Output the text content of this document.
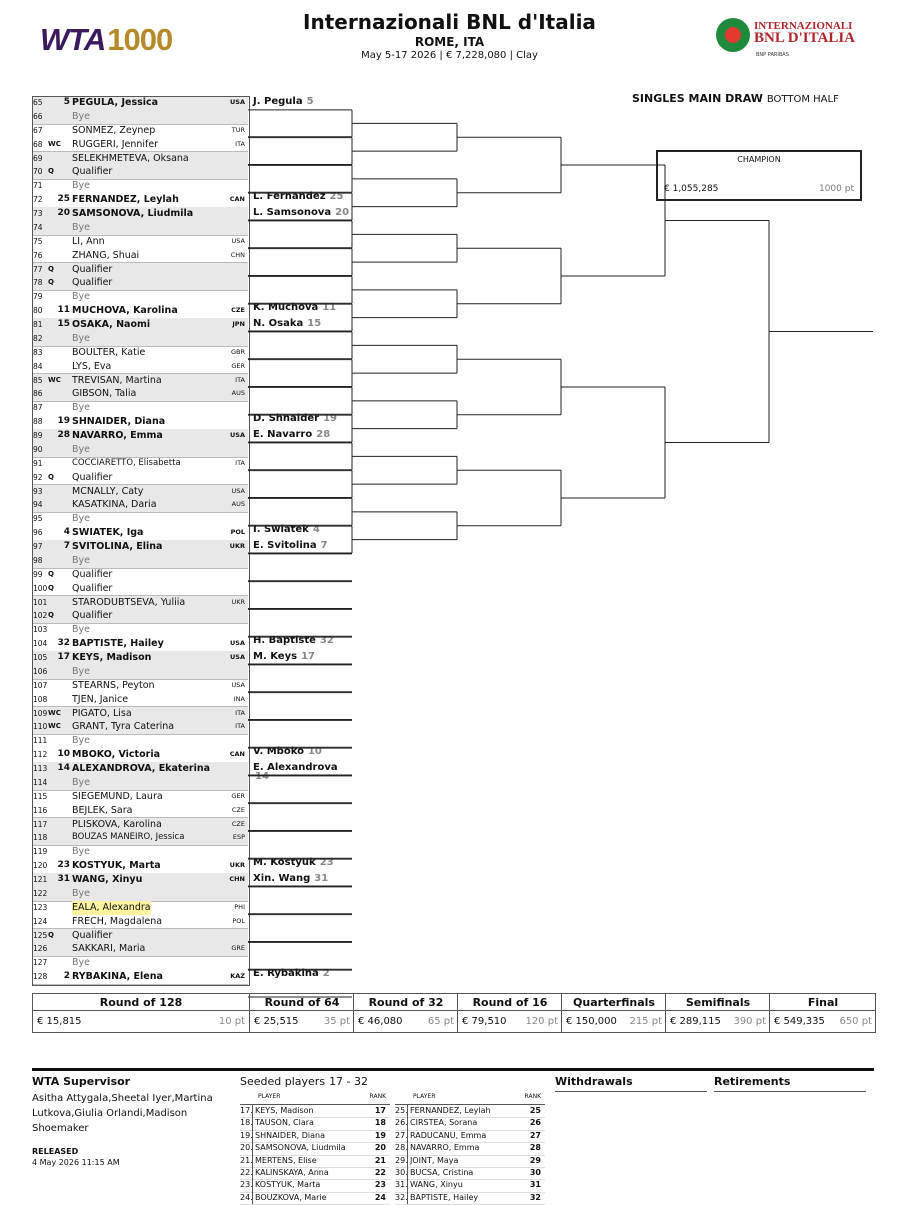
WTA1000	Internazionali BNL d'Italia
ROME, ITA
May 5-17 2026 | € 7,228,080 | Clay
INTERNAZIONALI
BNL D'ITALIA
BNP PARIBAS
SINGLES MAIN DRAW BOTTOM HALF
CHAMPION
€ 1,055,285	1000 pt
65	5 PEGULA, Jessica	USA
66	Bye
67	SONMEZ, Zeynep	TUR
68 WC	RUGGERI, Jennifer	ITA
69	SELEKHMETEVA, Oksana
70 Q	Qualifier
71	Bye
72	25 FERNANDEZ, Leylah	CAN
73	20 SAMSONOVA, Liudmila
74	Bye
75	LI, Ann	USA
76	ZHANG, Shuai	CHN
77 Q	Qualifier
78 Q	Qualifier
79	Bye
80	11 MUCHOVA, Karolina	CZE
81	15 OSAKA, Naomi	JPN
82	Bye
83	BOULTER, Katie	GBR
84	LYS, Eva	GER
85 WC	TREVISAN, Martina	ITA
86	GIBSON, Talia	AUS
87	Bye
88	19 SHNAIDER, Diana
89	28 NAVARRO, Emma	USA
90	Bye
91	COCCIARETTO, Elisabetta	ITA
92 Q	Qualifier
93	MCNALLY, Caty	USA
94	KASATKINA, Daria	AUS
95	Bye
96	4 SWIATEK, Iga	POL
97	7 SVITOLINA, Elina	UKR
98	Bye
99 Q	Qualifier
100 Q	Qualifier
101	STARODUBTSEVA, Yuliia	UKR
102 Q	Qualifier
103	Bye
104	32 BAPTISTE, Hailey	USA
105	17 KEYS, Madison	USA
106	Bye
107	STEARNS, Peyton	USA
108	TJEN, Janice	INA
109 WC	PIGATO, Lisa	ITA
110 WC	GRANT, Tyra Caterina	ITA
111	Bye
112	10 MBOKO, Victoria	CAN
113	14 ALEXANDROVA, Ekaterina
114	Bye
115	SIEGEMUND, Laura	GER
116	BEJLEK, Sara	CZE
117	PLISKOVA, Karolina	CZE
118	BOUZAS MANEIRO, Jessica	ESP
119	Bye
120	23 KOSTYUK, Marta	UKR
121	31 WANG, Xinyu	CHN
122	Bye
123	EALA, Alexandra	PHI
124	FRECH, Magdalena	POL
125 Q	Qualifier
126	SAKKARI, Maria	GRE
127	Bye
128	2 RYBAKINA, Elena	KAZ
J. Pegula 5
L. Fernandez 25
L. Samsonova 20
K. Muchova 11
N. Osaka 15
D. Shnaider 19
E. Navarro 28
I. Swiatek 4
E. Svitolina 7
H. Baptiste 32
M. Keys 17
V. Mboko 10
E. Alexandrova
14
M. Kostyuk 23
Xin. Wang 31
E. Rybakina 2
Round of 128
€ 15,815	10 pt
Round of 64
€ 25,515	35 pt
Round of 32
€ 46,080	65 pt
Round of 16
€ 79,510 120 pt
Quarterfinals
€ 150,000 215 pt
Semifinals
€ 289,115 390 pt
Final
€ 549,335 650 pt
WTA Supervisor
Asitha Attygala,Sheetal Iyer,Martina Lutkova,Giulia Orlandi,Madison Shoemaker
RELEASED
4 May 2026 11:15 AM
Seeded players 17 - 32
PLAYER	RANK
17. KEYS, Madison	17
18. TAUSON, Clara	18
19. SHNAIDER, Diana	19
20. SAMSONOVA, Liudmila	20
21. MERTENS, Elise	21
22. KALINSKAYA, Anna	22
23. KOSTYUK, Marta	23
24. BOUZKOVA, Marie	24
PLAYER	RANK
25. FERNANDEZ, Leylah	25
26. CIRSTEA, Sorana	26
27. RADUCANU, Emma	27
28. NAVARRO, Emma	28
29. JOINT, Maya	29
30. BUCSA, Cristina	30
31. WANG, Xinyu	31
32. BAPTISTE, Hailey	32
Withdrawals	Retirements
